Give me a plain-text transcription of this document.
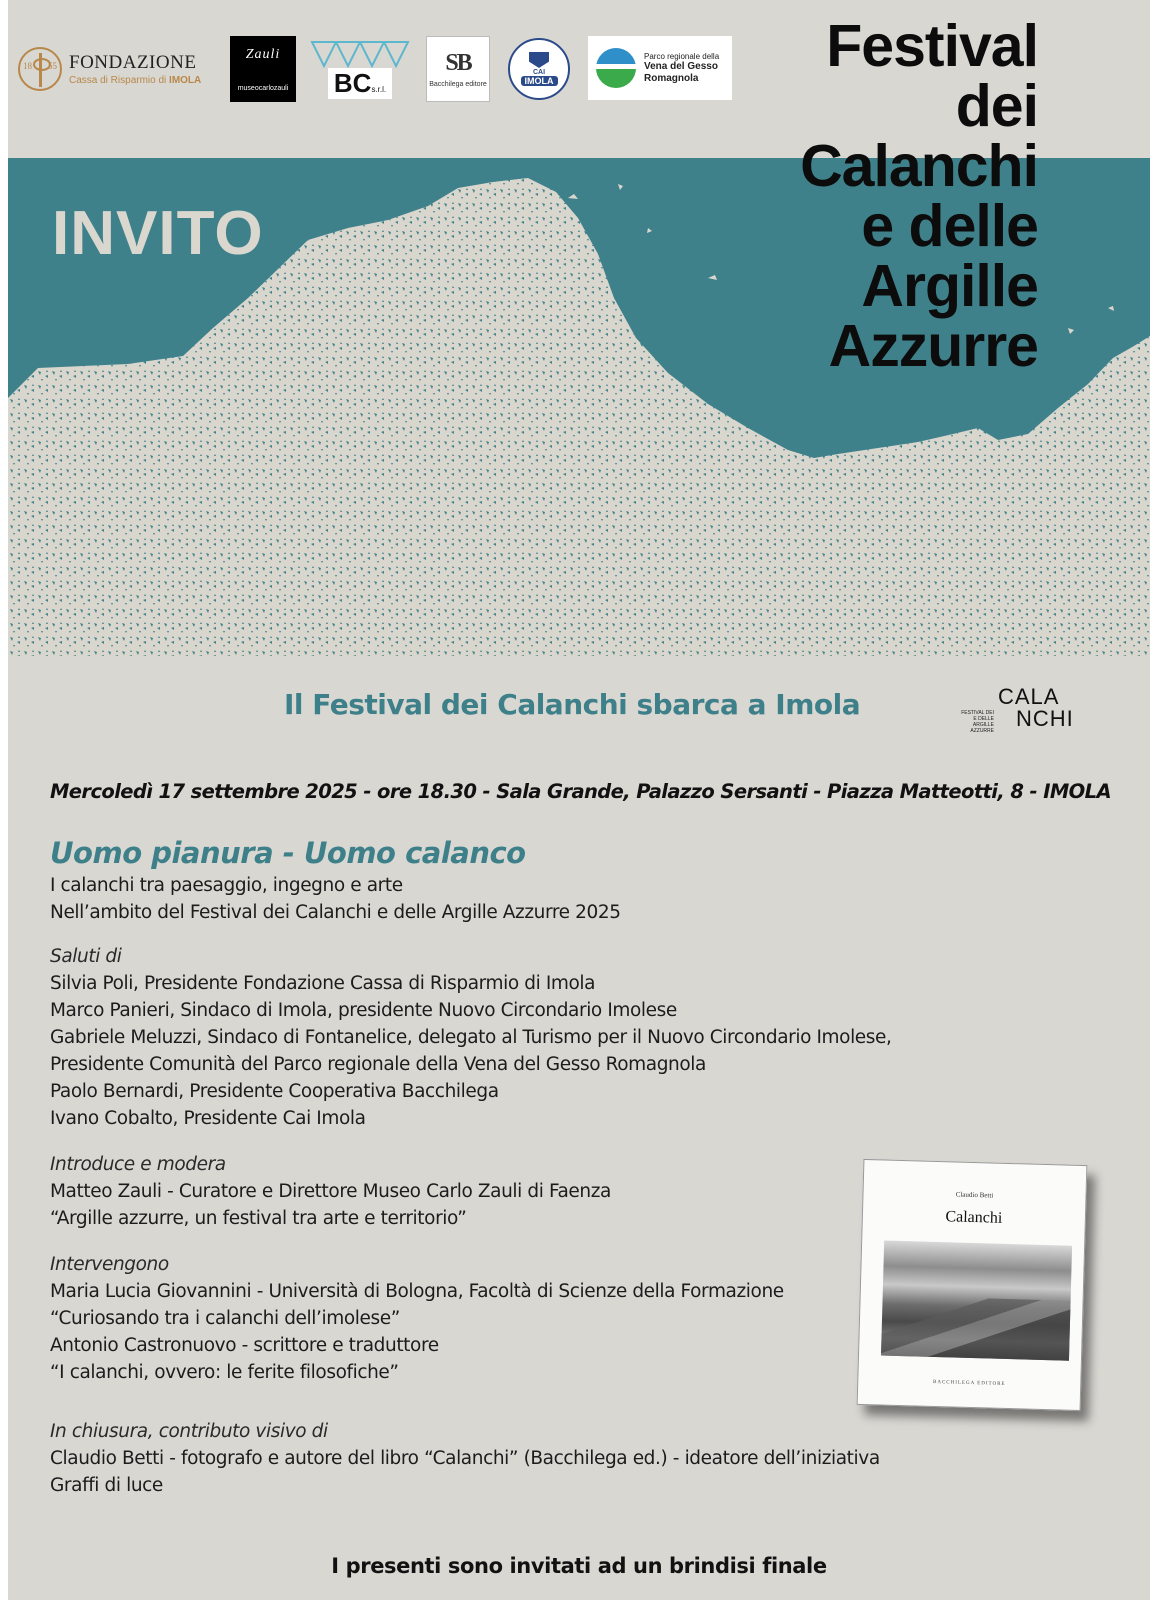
18 55 FONDAZIONE
Cassa di Risparmio di IMOLA
Zauli
museocarlozauli BCs.r.l.
SB
Bacchilega editore
CAI
IMOLA
Parco regionale della
Vena del Gesso
Romagnola
INVITO
Festival
dei
Calanchi
e delle
Argille
Azzurre
Il Festival dei Calanchi sbarca a Imola	FESTIVAL DEI
E DELLE
ARGILLE
AZZURRE
CALA
NCHI
Mercoledì 17 settembre 2025 - ore 18.30 - Sala Grande, Palazzo Sersanti - Piazza Matteotti, 8 - IMOLA
Uomo pianura - Uomo calanco
I calanchi tra paesaggio, ingegno e arte
Nell’ambito del Festival dei Calanchi e delle Argille Azzurre 2025
Saluti di
Silvia Poli, Presidente Fondazione Cassa di Risparmio di Imola
Marco Panieri, Sindaco di Imola, presidente Nuovo Circondario Imolese
Gabriele Meluzzi, Sindaco di Fontanelice, delegato al Turismo per il Nuovo Circondario Imolese,
Presidente Comunità del Parco regionale della Vena del Gesso Romagnola
Paolo Bernardi, Presidente Cooperativa Bacchilega
Ivano Cobalto, Presidente Cai Imola
Introduce e modera
Matteo Zauli - Curatore e Direttore Museo Carlo Zauli di Faenza
“Argille azzurre, un festival tra arte e territorio”
Intervengono
Maria Lucia Giovannini - Università di Bologna, Facoltà di Scienze della Formazione
“Curiosando tra i calanchi dell’imolese”
Antonio Castronuovo - scrittore e traduttore
“I calanchi, ovvero: le ferite filosofiche”
In chiusura, contributo visivo di
Claudio Betti - fotografo e autore del libro “Calanchi” (Bacchilega ed.) - ideatore dell’iniziativa
Graffi di luce
Claudio Betti
Calanchi
BACCHILEGA EDITORE
I presenti sono invitati ad un brindisi finale
